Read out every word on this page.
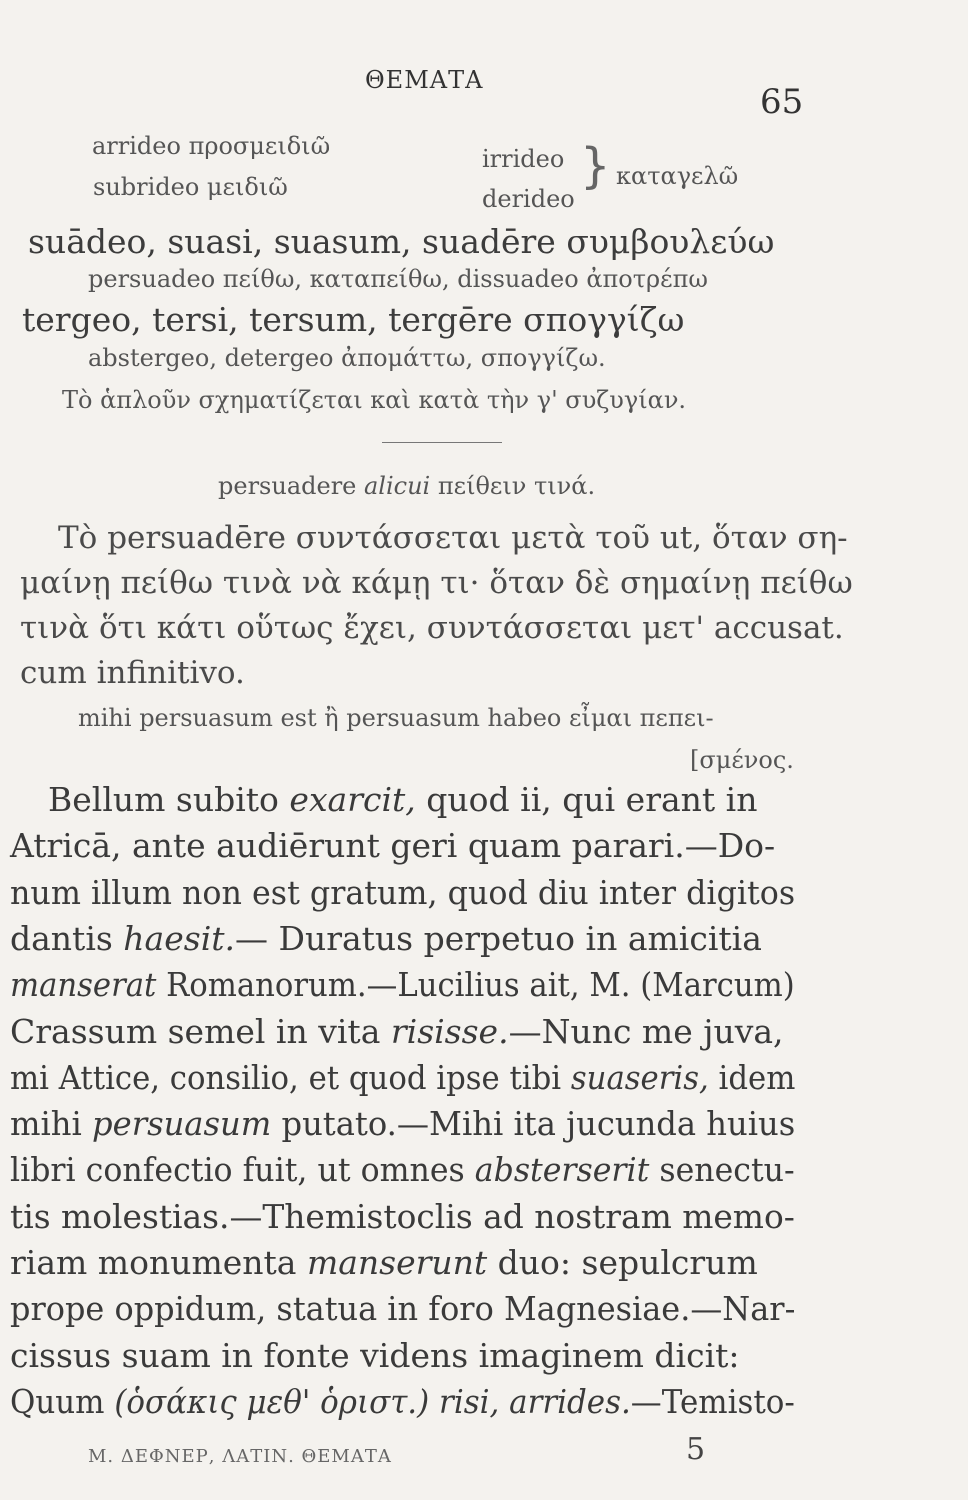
ΘΕΜΑΤΑ
65
arrideo προσμειδιῶ	irrideo
subrideo μειδιῶ	derideo
} καταγελῶ
suādeo, suasi, suasum, suadēre συμβουλεύω
persuadeo πείθω, καταπείθω, dissuadeo ἀποτρέπω
tergeo, tersi, tersum, tergēre σπογγίζω
abstergeo, detergeo ἀπομάττω, σπογγίζω.
Τὸ ἁπλοῦν σχηματίζεται καὶ κατὰ τὴν γ' συζυγίαν.
persuadere alicui πείθειν τινά.
Τὸ persuadēre συντάσσεται μετὰ τοῦ ut, ὅταν ση-
μαίνῃ πείθω τινὰ νὰ κάμῃ τι· ὅταν δὲ σημαίνῃ πείθω
τινὰ ὅτι κάτι οὕτως ἔχει, συντάσσεται μετ' accusat.
cum infinitivo.
mihi persuasum est ἢ persuasum habeo εἶμαι πεπει-
[σμένος.
Bellum subito exarcit, quod ii, qui erant in
Atricā, ante audiērunt geri quam parari.—Do-
num illum non est gratum, quod diu inter digitos
dantis haesit.— Duratus perpetuo in amicitia
manserat Romanorum.—Lucilius ait, M. (Marcum)
Crassum semel in vita risisse.—Nunc me juva,
mi Attice, consilio, et quod ipse tibi suaseris, idem
mihi persuasum putato.—Mihi ita jucunda huius
libri confectio fuit, ut omnes absterserit senectu-
tis molestias.—Themistoclis ad nostram memo-
riam monumenta manserunt duo: sepulcrum
prope oppidum, statua in foro Magnesiae.—Nar-
cissus suam in fonte videns imaginem dicit:
Quum (ὁσάκις μεθ' ὁριστ.) risi, arrides.—Temisto-
Μ. ΔΕΦΝΕΡ, ΛΑΤΙΝ. ΘΕΜΑΤΑ	5
